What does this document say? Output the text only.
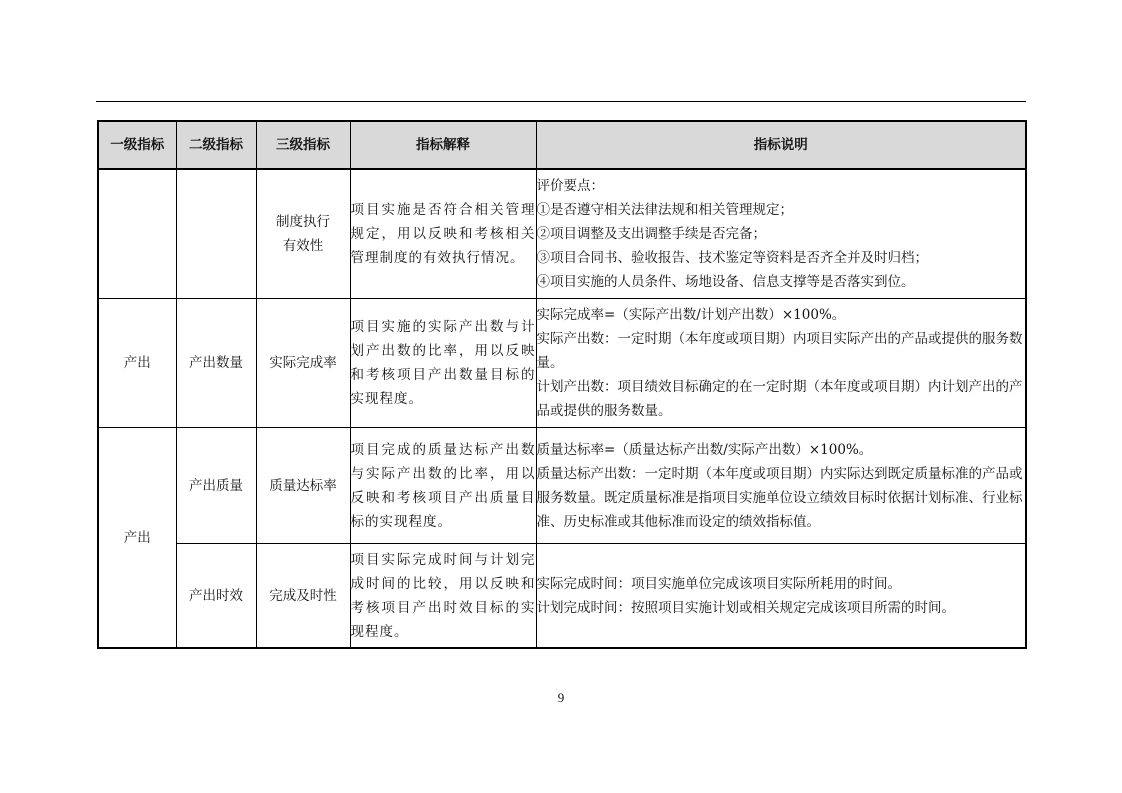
一级指标	二级指标	三级指标	指标解释	指标说明

		制度执行
有效性	项目实施是否符合相关管理规定，用以反映和考核相关管理制度的有效执行情况。	评价要点：
①是否遵守相关法律法规和相关管理规定；
②项目调整及支出调整手续是否完备；
③项目合同书、验收报告、技术鉴定等资料是否齐全并及时归档；
④项目实施的人员条件、场地设备、信息支撑等是否落实到位。

产出	产出数量	实际完成率	项目实施的实际产出数与计划产出数的比率，用以反映和考核项目产出数量目标的实现程度。	实际完成率=（实际产出数/计划产出数）×100%。
实际产出数：一定时期（本年度或项目期）内项目实际产出的产品或提供的服务数量。
计划产出数：项目绩效目标确定的在一定时期（本年度或项目期）内计划产出的产品或提供的服务数量。

产出	产出质量	质量达标率	项目完成的质量达标产出数与实际产出数的比率，用以反映和考核项目产出质量目标的实现程度。	质量达标率=（质量达标产出数/实际产出数）×100%。
质量达标产出数：一定时期（本年度或项目期）内实际达到既定质量标准的产品或服务数量。既定质量标准是指项目实施单位设立绩效目标时依据计划标准、行业标准、历史标准或其他标准而设定的绩效指标值。

	产出时效	完成及时性	项目实际完成时间与计划完成时间的比较，用以反映和考核项目产出时效目标的实现程度。	实际完成时间：项目实施单位完成该项目实际所耗用的时间。
计划完成时间：按照项目实施计划或相关规定完成该项目所需的时间。
9
